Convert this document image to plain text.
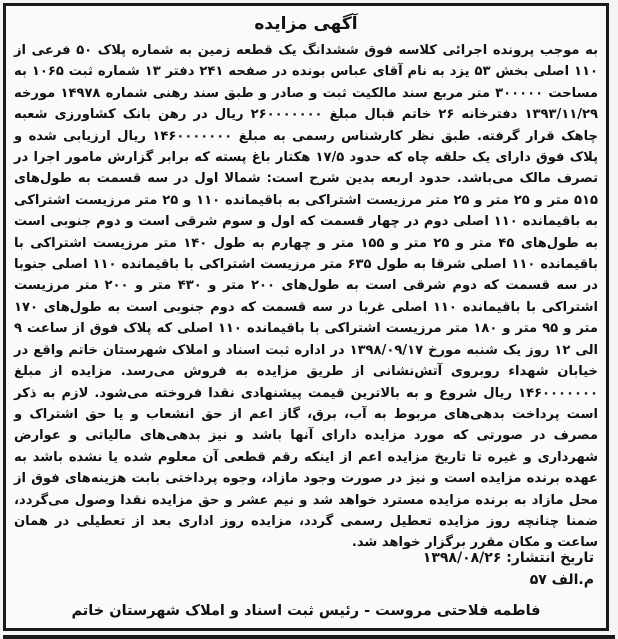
آگهی مزایده
به موجب پرونده اجرائی کلاسه فوق ششدانگ یک قطعه زمین به شماره پلاک ۵۰ فرعی از ۱۱۰ اصلی بخش ۵۳ یزد به نام آقای عباس بونده در صفحه ۲۴۱ دفتر ۱۳ شماره ثبت ۱۰۶۵ به مساحت ۳۰۰۰۰۰ متر مربع سند مالکیت ثبت و صادر و طبق سند رهنی شماره ۱۴۹۷۸ مورخه ۱۳۹۳/۱۱/۲۹ دفترخانه ۲۶ خاتم قبال مبلغ ۲۶۰۰۰۰۰۰۰ ریال در رهن بانک کشاورزی شعبه چاهک قرار گرفته. طبق نظر کارشناس رسمی به مبلغ ۱۴۶۰۰۰۰۰۰۰ ریال ارزیابی شده و پلاک فوق دارای یک حلقه چاه که حدود ۱۷/۵ هکتار باغ پسته که برابر گزارش مامور اجرا در تصرف مالک می‌باشد. حدود اربعه بدین شرح است: شمالا اول در سه قسمت به طول‌های ۵۱۵ متر و ۲۵ متر و ۲۵ متر مرزیست اشتراکی به باقیمانده ۱۱۰ و ۲۵ متر مرزیست اشتراکی به باقیمانده ۱۱۰ اصلی دوم در چهار قسمت که اول و سوم شرقی است و دوم جنوبی است به طول‌های ۴۵ متر و ۲۵ متر و ۱۵۵ متر و چهارم به طول ۱۴۰ متر مرزیست اشتراکی با باقیمانده ۱۱۰ اصلی شرقا به طول ۶۳۵ متر مرزیست اشتراکی با باقیمانده ۱۱۰ اصلی جنوبا در سه قسمت که دوم شرقی است به طول‌های ۲۰۰ متر و ۴۳۰ متر و ۲۰۰ متر مرزیست اشتراکی با باقیمانده ۱۱۰ اصلی غربا در سه قسمت که دوم جنوبی است به طول‌های ۱۷۰ متر و ۹۵ متر و ۱۸۰ متر مرزیست اشتراکی با باقیمانده ۱۱۰ اصلی که پلاک فوق از ساعت ۹ الی ۱۲ روز یک شنبه مورخ ۱۳۹۸/۰۹/۱۷ در اداره ثبت اسناد و املاک شهرستان خاتم واقع در خیابان شهداء روبروی آتش‌نشانی از طریق مزایده به فروش می‌رسد. مزایده از مبلغ ۱۴۶۰۰۰۰۰۰۰ ریال شروع و به بالاترین قیمت پیشنهادی نقدا فروخته می‌شود. لازم به ذکر است پرداخت بدهی‌های مربوط به آب، برق، گاز اعم از حق انشعاب و یا حق اشتراک و مصرف در صورتی که مورد مزایده دارای آنها باشد و نیز بدهی‌های مالیاتی و عوارض شهرداری و غیره تا تاریخ مزایده اعم از اینکه رقم قطعی آن معلوم شده یا نشده باشد به عهده برنده مزایده است و نیز در صورت وجود مازاد، وجوه پرداختی بابت هزینه‌های فوق از محل مازاد به برنده مزایده مسترد خواهد شد و نیم عشر و حق مزایده نقدا وصول می‌گردد، ضمنا چنانچه روز مزایده تعطیل رسمی گردد، مزایده روز اداری بعد از تعطیلی در همان ساعت و مکان مقرر برگزار خواهد شد.
تاریخ انتشار: ۱۳۹۸/۰۸/۲۶
م.الف ۵۷
فاطمه فلاحتی مروست - رئیس ثبت اسناد و املاک شهرستان خاتم
